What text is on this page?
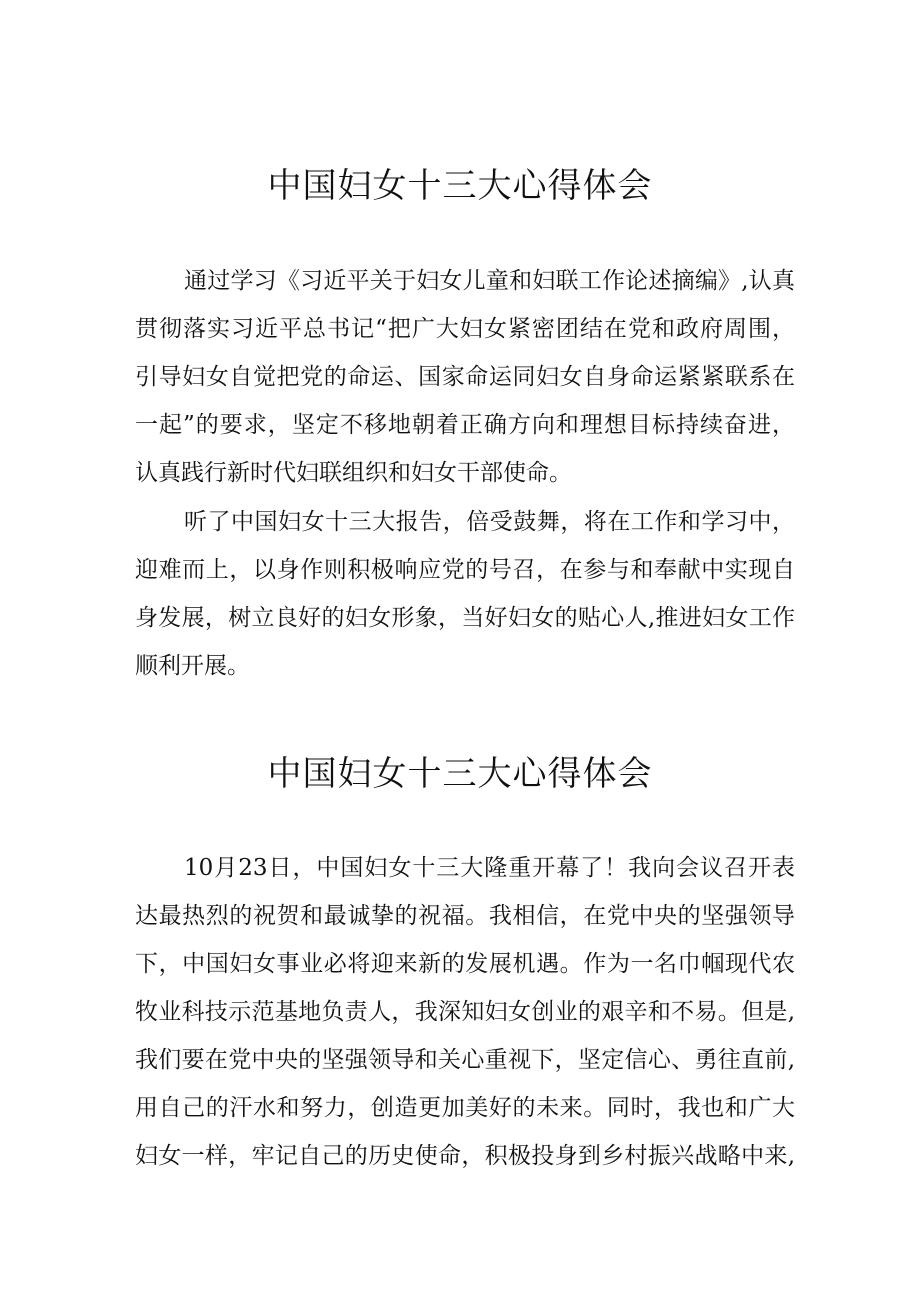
中国妇女十三大心得体会
通过学习《习近平关于妇女儿童和妇联工作论述摘编》,认真
贯彻落实习近平总书记“把广大妇女紧密团结在党和政府周围，
引导妇女自觉把党的命运、国家命运同妇女自身命运紧紧联系在
一起”的要求，坚定不移地朝着正确方向和理想目标持续奋进，
认真践行新时代妇联组织和妇女干部使命。
听了中国妇女十三大报告，倍受鼓舞，将在工作和学习中，
迎难而上，以身作则积极响应党的号召，在参与和奉献中实现自
身发展，树立良好的妇女形象，当好妇女的贴心人,推进妇女工作
顺利开展。
中国妇女十三大心得体会
10月23日，中国妇女十三大隆重开幕了！我向会议召开表
达最热烈的祝贺和最诚挚的祝福。我相信，在党中央的坚强领导
下，中国妇女事业必将迎来新的发展机遇。作为一名巾帼现代农
牧业科技示范基地负责人，我深知妇女创业的艰辛和不易。但是,
我们要在党中央的坚强领导和关心重视下，坚定信心、勇往直前,
用自己的汗水和努力，创造更加美好的未来。同时，我也和广大
妇女一样，牢记自己的历史使命，积极投身到乡村振兴战略中来,
